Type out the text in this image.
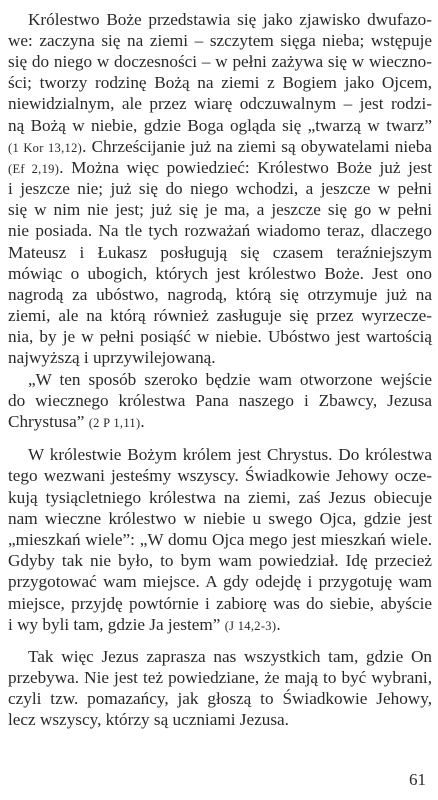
Królestwo Boże przedstawia się jako zjawisko dwufazo-
we: zaczyna się na ziemi – szczytem sięga nieba; wstępuje
się do niego w doczesności – w pełni zażywa się w wieczno-
ści; tworzy rodzinę Bożą na ziemi z Bogiem jako Ojcem,
niewidzialnym, ale przez wiarę odczuwalnym – jest rodzi-
ną Bożą w niebie, gdzie Boga ogląda się „twarzą w twarz”
(1 Kor 13,12). Chrześcijanie już na ziemi są obywatelami nieba
(Ef 2,19). Można więc powiedzieć: Królestwo Boże już jest
i jeszcze nie; już się do niego wchodzi, a jeszcze w pełni
się w nim nie jest; już się je ma, a jeszcze się go w pełni
nie posiada. Na tle tych rozważań wiadomo teraz, dlaczego
Mateusz i Łukasz posługują się czasem teraźniejszym
mówiąc o ubogich, których jest królestwo Boże. Jest ono
nagrodą za ubóstwo, nagrodą, którą się otrzymuje już na
ziemi, ale na którą również zasługuje się przez wyrzecze-
nia, by je w pełni posiąść w niebie. Ubóstwo jest wartością
najwyższą i uprzywilejowaną.
„W ten sposób szeroko będzie wam otworzone wejście
do wiecznego królestwa Pana naszego i Zbawcy, Jezusa
Chrystusa” (2 P 1,11).
W królestwie Bożym królem jest Chrystus. Do królestwa
tego wezwani jesteśmy wszyscy. Świadkowie Jehowy ocze-
kują tysiącletniego królestwa na ziemi, zaś Jezus obiecuje
nam wieczne królestwo w niebie u swego Ojca, gdzie jest
„mieszkań wiele”: „W domu Ojca mego jest mieszkań wiele.
Gdyby tak nie było, to bym wam powiedział. Idę przecież
przygotować wam miejsce. A gdy odejdę i przygotuję wam
miejsce, przyjdę powtórnie i zabiorę was do siebie, abyście
i wy byli tam, gdzie Ja jestem” (J 14,2-3).
Tak więc Jezus zaprasza nas wszystkich tam, gdzie On
przebywa. Nie jest też powiedziane, że mają to być wybrani,
czyli tzw. pomazańcy, jak głoszą to Świadkowie Jehowy,
lecz wszyscy, którzy są uczniami Jezusa.
61
